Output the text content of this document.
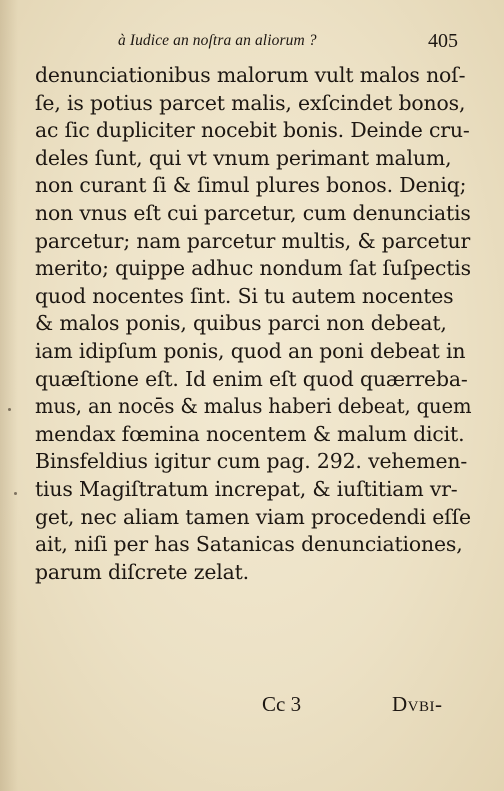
à Iudice an noſtra an aliorum ?	405
denunciationibus malorum vult malos noſ-
ſe, is potius parcet malis, exſcindet bonos,
ac ſic dupliciter nocebit bonis. Deinde cru-
deles ſunt, qui vt vnum perimant malum,
non curant ſi & ſimul plures bonos. Deniq;
non vnus eſt cui parcetur, cum denunciatis
parcetur; nam parcetur multis, & parcetur
merito; quippe adhuc nondum ſat ſuſpectis
quod nocentes ſint. Si tu autem nocentes
& malos ponis, quibus parci non debeat,
iam idipſum ponis, quod an poni debeat in
quæſtione eſt. Id enim eſt quod quærreba-
mus, an nocēs & malus haberi debeat, quem
mendax fœmina nocentem & malum dicit.
Binsfeldius igitur cum pag. 292. vehemen-
tius Magiſtratum increpat, & iuſtitiam vr-
get, nec aliam tamen viam procedendi eſſe
ait, niſi per has Satanicas denunciationes,
parum diſcrete zelat.
Cc 3	Dvbi-
